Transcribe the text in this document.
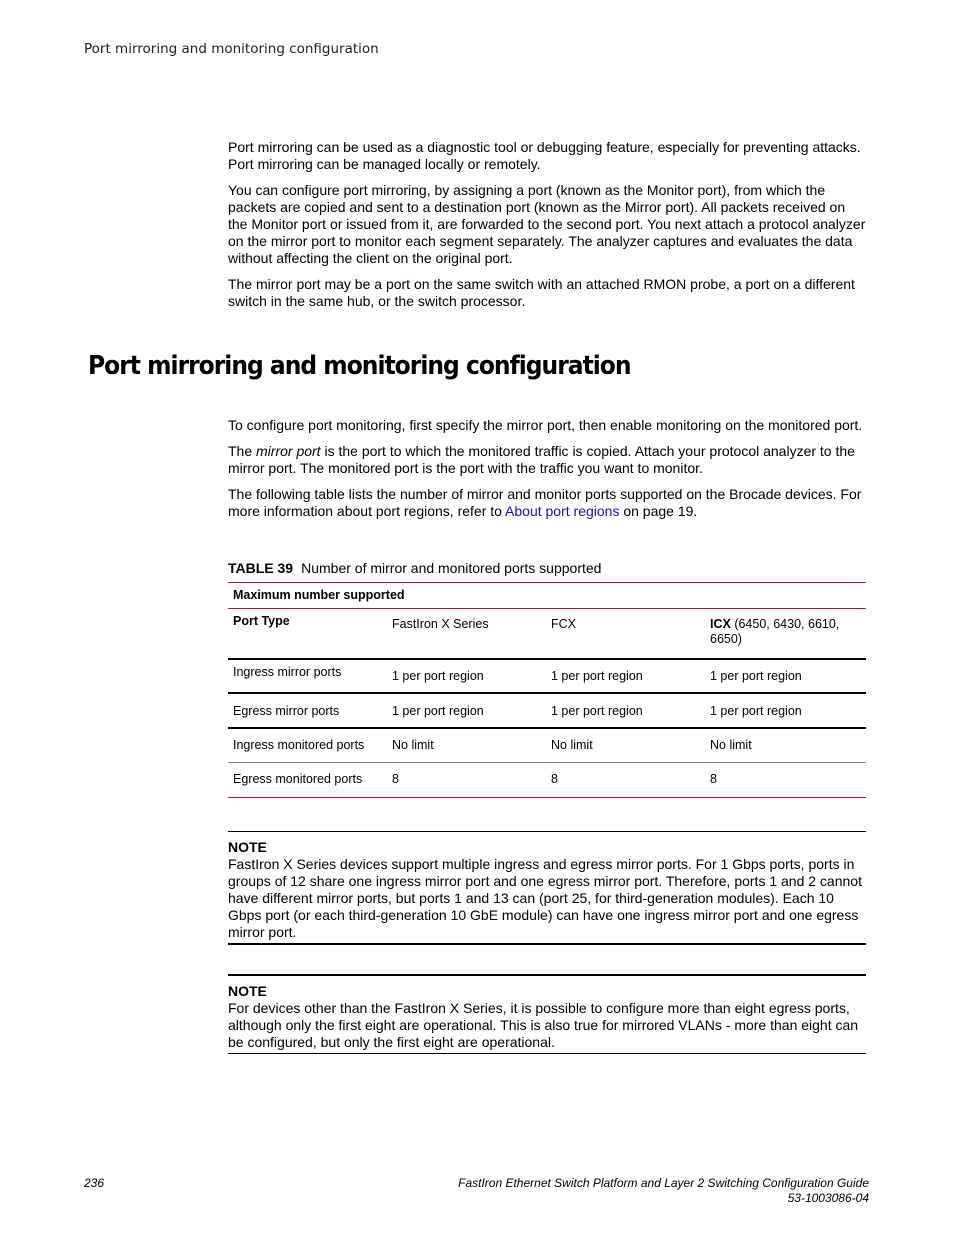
Port mirroring and monitoring configuration

Port mirroring can be used as a diagnostic tool or debugging feature, especially for preventing attacks. Port mirroring can be managed locally or remotely.

You can configure port mirroring, by assigning a port (known as the Monitor port), from which the packets are copied and sent to a destination port (known as the Mirror port). All packets received on the Monitor port or issued from it, are forwarded to the second port. You next attach a protocol analyzer on the mirror port to monitor each segment separately. The analyzer captures and evaluates the data without affecting the client on the original port.

The mirror port may be a port on the same switch with an attached RMON probe, a port on a different switch in the same hub, or the switch processor.

Port mirroring and monitoring configuration

To configure port monitoring, first specify the mirror port, then enable monitoring on the monitored port.

The mirror port is the port to which the monitored traffic is copied. Attach your protocol analyzer to the mirror port. The monitored port is the port with the traffic you want to monitor.

The following table lists the number of mirror and monitor ports supported on the Brocade devices. For more information about port regions, refer to About port regions on page 19.

TABLE 39 Number of mirror and monitored ports supported
Maximum number supported			
Port Type	FastIron X Series	FCX	ICX (6450, 6430, 6610, 6650)
Ingress mirror ports	1 per port region	1 per port region	1 per port region
Egress mirror ports	1 per port region	1 per port region	1 per port region
Ingress monitored ports	No limit	No limit	No limit
Egress monitored ports	8	8	8
NOTE
FastIron X Series devices support multiple ingress and egress mirror ports. For 1 Gbps ports, ports in groups of 12 share one ingress mirror port and one egress mirror port. Therefore, ports 1 and 2 cannot have different mirror ports, but ports 1 and 13 can (port 25, for third-generation modules). Each 10 Gbps port (or each third-generation 10 GbE module) can have one ingress mirror port and one egress mirror port.
NOTE
For devices other than the FastIron X Series, it is possible to configure more than eight egress ports, although only the first eight are operational. This is also true for mirrored VLANs - more than eight can be configured, but only the first eight are operational.
236	FastIron Ethernet Switch Platform and Layer 2 Switching Configuration Guide
53-1003086-04
